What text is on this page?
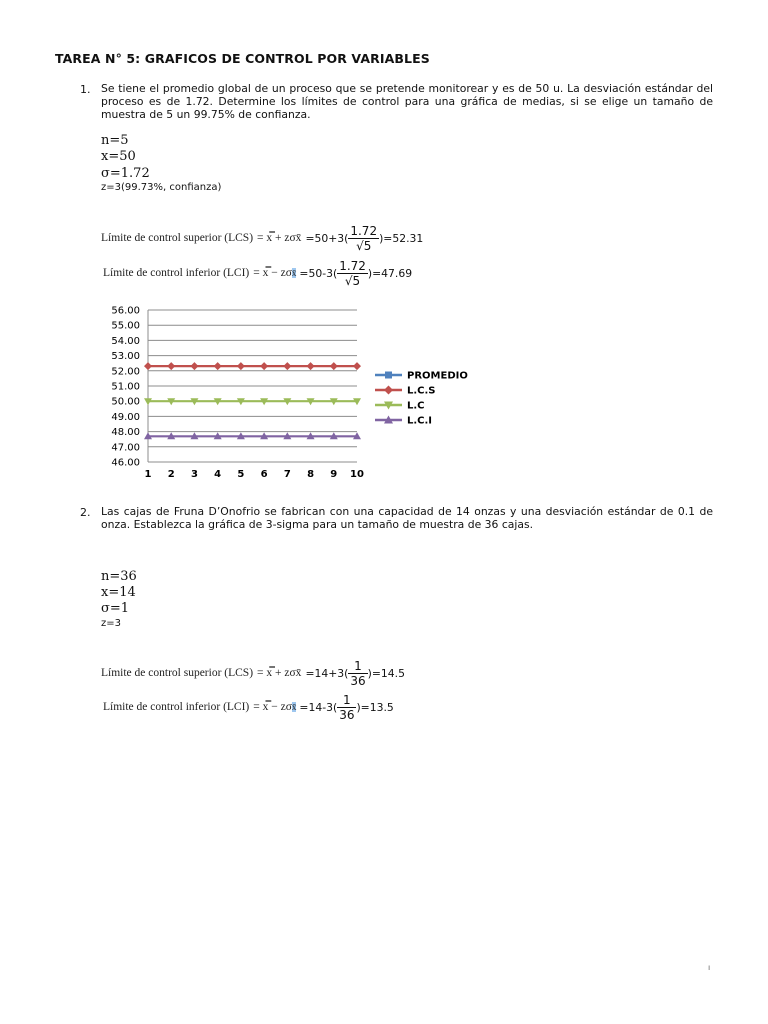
TAREA N° 5: GRAFICOS DE CONTROL POR VARIABLES
1. Se tiene el promedio global de un proceso que se pretende monitorear y es de 50 u. La desviación estándar del proceso es de 1.72. Determine los límites de control para una gráfica de medias, si se elige un tamaño de muestra de 5 un 99.75% de confianza.
n=5
x=50
σ=1.72
z=3(99.73%, confianza)
Límite de control superior (LCS) = x̿ + zσx̄ $=50+3( \frac{1.72}{√5} )=52.31$
Límite de control inferior (LCI) = x̿ − zσ x̄ $=50-3( \frac{1.72}{√5} )=47.69$
46.00
47.00
48.00
49.00
50.00
51.00
52.00
53.00
54.00
55.00
56.00
1 2 3 4 5 6 7 8 9 10
PROMEDIO
L.C.S
L.C
L.C.I
2. Las cajas de Fruna D’Onofrio se fabrican con una capacidad de 14 onzas y una desviación estándar de 0.1 de onza. Establezca la gráfica de 3-sigma para un tamaño de muestra de 36 cajas.
n=36
x=14
σ=1
z=3
Límite de control superior (LCS) = x̿ + zσx̄ $=14+3( \frac{1}{36} )=14.5$
Límite de control inferior (LCI) = x̿ − zσ x̄ $=14-3( \frac{1}{36} )=13.5$
ı
